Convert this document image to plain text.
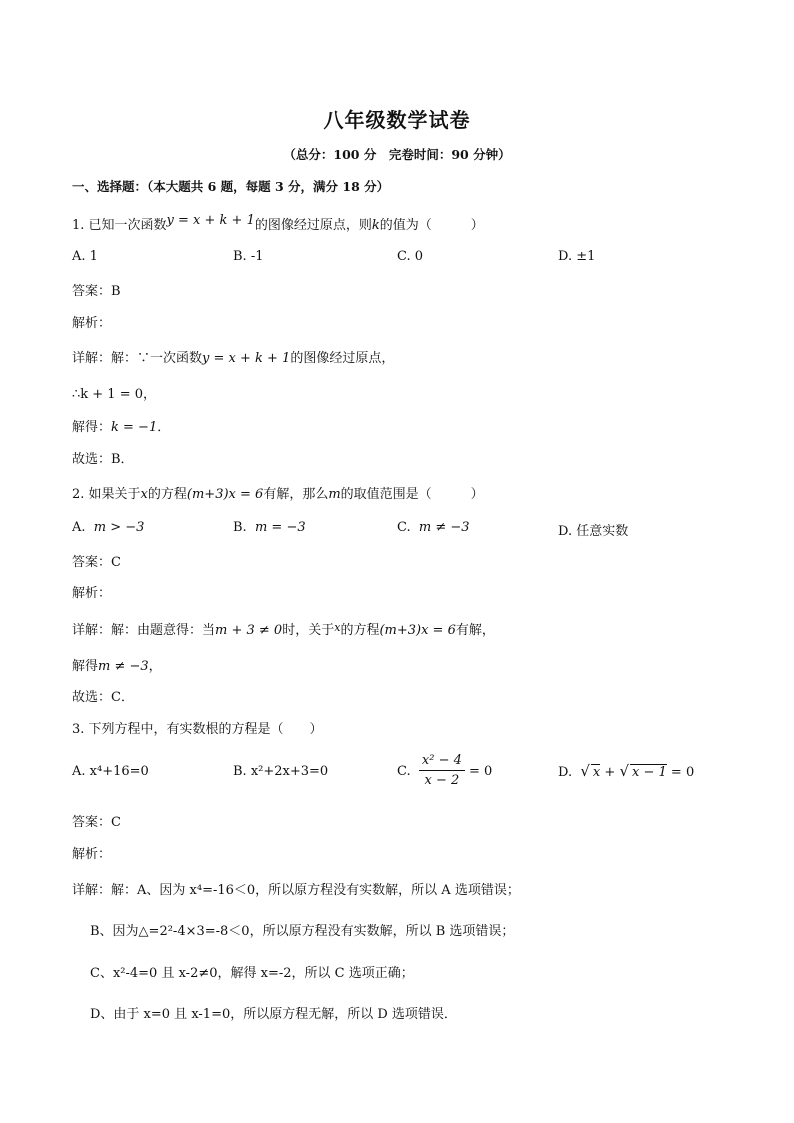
八年级数学试卷
（总分：100 分　完卷时间：90 分钟）
一、选择题：（本大题共 6 题，每题 3 分，满分 18 分）
1. 已知一次函数y = x + k + 1的图像经过原点，则k的值为（　　　）
A. 1	B. -1	C. 0	D. ±1
答案：B
解析：
详解：解：∵一次函数y = x + k + 1的图像经过原点，
∴k + 1 = 0，
解得：k = −1．
故选：B．
2. 如果关于x的方程(m+3)x = 6有解，那么m的取值范围是（　　　）
A. m > −3	B. m = −3	C. m ≠ −3	D. 任意实数
答案：C
解析：
详解：解：由题意得：当m + 3 ≠ 0时，关于$^x$的方程(m+3)x = 6有解，
解得m ≠ −3，
故选：C．
3. 下列方程中，有实数根的方程是（　　）
A. x⁴+16=0	B. x²+2x+3=0	C. $\frac{\text{x² − 4}}{x - 2} = 0$	D. √ x + √ x − 1 = 0
答案：C
解析：
详解：解：A、因为 x⁴=-16＜0，所以原方程没有实数解，所以 A 选项错误；
B、因为△=2²-4×3=-8＜0，所以原方程没有实数解，所以 B 选项错误；
C、x²-4=0 且 x-2≠0，解得 x=-2，所以 C 选项正确；
D、由于 x=0 且 x-1=0，所以原方程无解，所以 D 选项错误．
